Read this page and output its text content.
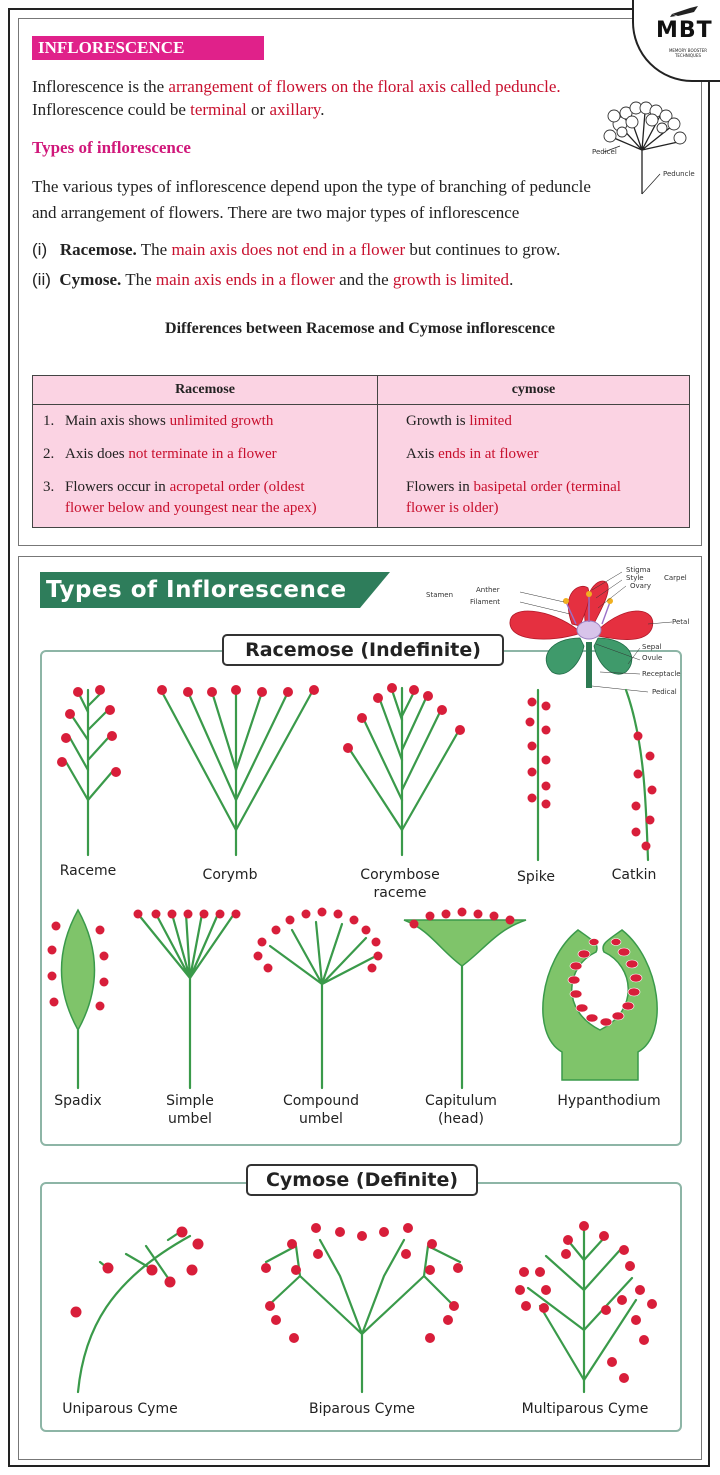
MBT
MEMORY BOOSTER TECHNIQUES
INFLORESCENCE
Inflorescence is the arrangement of flowers on the floral axis called peduncle.
Inflorescence could be terminal or axillary.
Pedicel
Peduncle
Types of inflorescence
The various types of inflorescence depend upon the type of branching of peduncle
and arrangement of flowers. There are two major types of inflorescence
(i) Racemose. The main axis does not end in a flower but continues to grow.
(ii) Cymose. The main axis ends in a flower and the growth is limited.
Differences between Racemose and Cymose inflorescence
Racemose	cymose
1. Main axis shows unlimited growth	Growth is limited
2. Axis does not terminate in a flower	Axis ends in at flower
3. Flowers occur in acropetal order (oldest
flower below and youngest near the apex)	Flowers in basipetal order (terminal
flower is older)
Types of Inflorescence
Racemose (Indefinite)
Cymose (Definite)
Stigma
Style
Ovary
Carpel
Anther
Filament
Stamen
Petal
Sepal
Ovule
Receptacle
Pedical
Raceme	Corymb	Corymbose
raceme
Spike	Catkin
Spadix	Simple
umbel
Compound
umbel
Capitulum
(head)
Hypanthodium
Uniparous Cyme	Biparous Cyme	Multiparous Cyme
